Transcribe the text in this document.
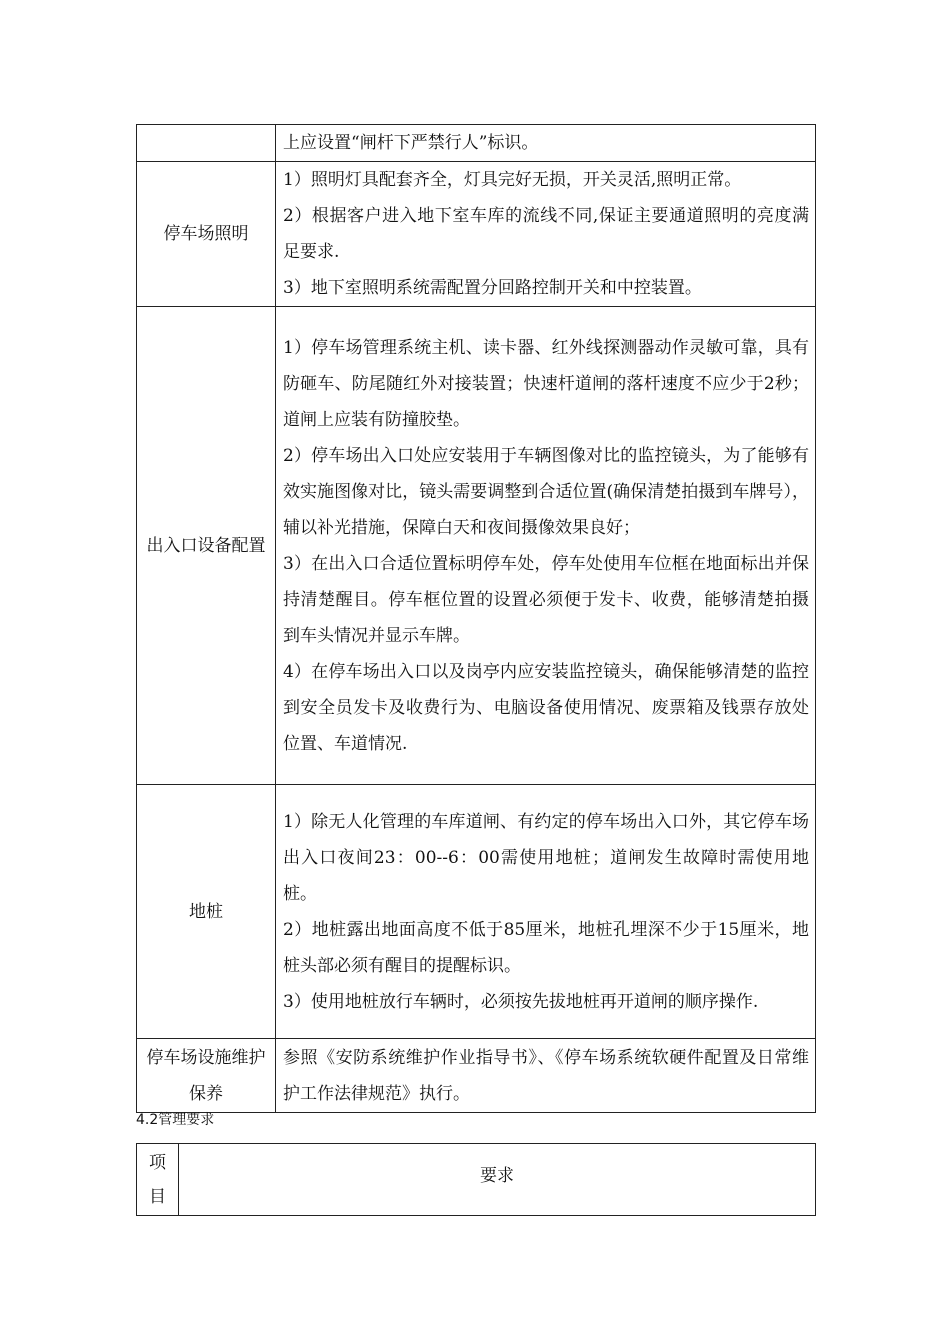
	上应设置“闸杆下严禁行人”标识。

停车场照明	1）照明灯具配套齐全，灯具完好无损，开关灵活,照明正常。
2）根据客户进入地下室车库的流线不同,保证主要通道照明的亮度满足要求.
3）地下室照明系统需配置分回路控制开关和中控装置。

出入口设备配置	1）停车场管理系统主机、读卡器、红外线探测器动作灵敏可靠，具有防砸车、防尾随红外对接装置；快速杆道闸的落杆速度不应少于2秒；道闸上应装有防撞胶垫。
2）停车场出入口处应安装用于车辆图像对比的监控镜头，为了能够有效实施图像对比，镜头需要调整到合适位置(确保清楚拍摄到车牌号），辅以补光措施，保障白天和夜间摄像效果良好；
3）在出入口合适位置标明停车处，停车处使用车位框在地面标出并保持清楚醒目。停车框位置的设置必须便于发卡、收费，能够清楚拍摄到车头情况并显示车牌。
4）在停车场出入口以及岗亭内应安装监控镜头，确保能够清楚的监控到安全员发卡及收费行为、电脑设备使用情况、废票箱及钱票存放处位置、车道情况.

地桩	1）除无人化管理的车库道闸、有约定的停车场出入口外，其它停车场出入口夜间23：00--6：00需使用地桩；道闸发生故障时需使用地桩。
2）地桩露出地面高度不低于85厘米，地桩孔埋深不少于15厘米，地桩头部必须有醒目的提醒标识。
3）使用地桩放行车辆时，必须按先拔地桩再开道闸的顺序操作.

停车场设施维护保养	参照《安防系统维护作业指导书》、《停车场系统软硬件配置及日常维护工作法律规范》执行。
4.2管理要求
项目	要求
